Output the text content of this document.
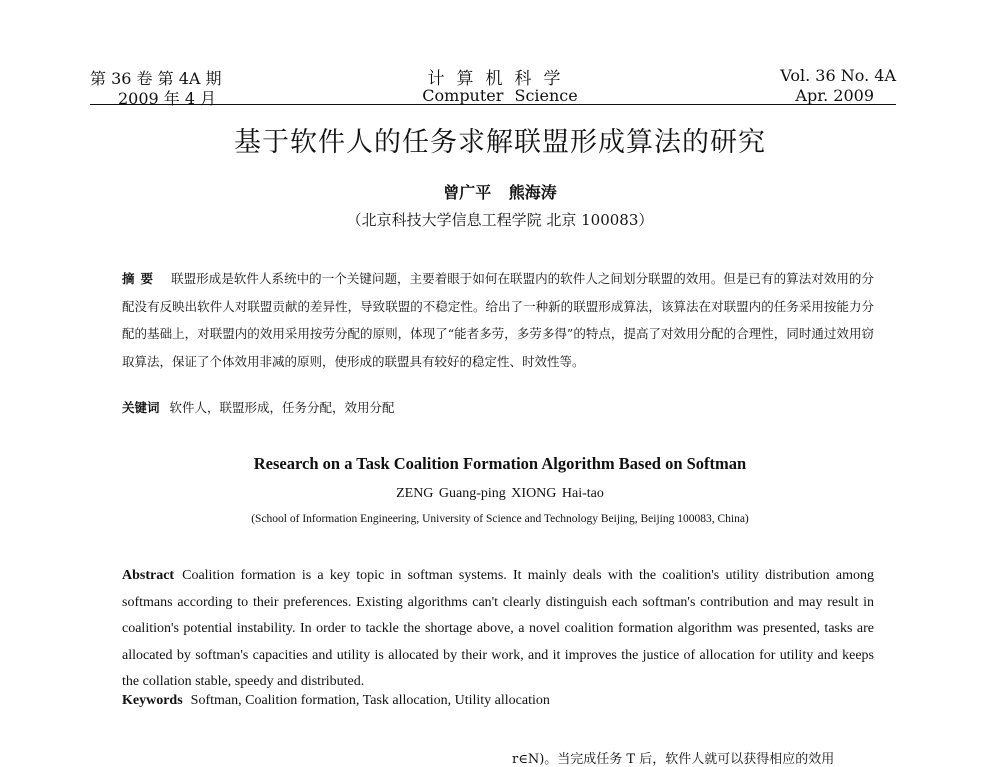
第 36 卷 第 4A 期
2009 年 4 月
计算机科学
Computer Science
Vol. 36 No. 4A
Apr. 2009
基于软件人的任务求解联盟形成算法的研究
曾广平 熊海涛
（北京科技大学信息工程学院 北京 100083）
摘要 联盟形成是软件人系统中的一个关键问题，主要着眼于如何在联盟内的软件人之间划分联盟的效用。但是已有的算法对效用的分配没有反映出软件人对联盟贡献的差异性，导致联盟的不稳定性。给出了一种新的联盟形成算法，该算法在对联盟内的任务采用按能力分配的基础上，对联盟内的效用采用按劳分配的原则，体现了“能者多劳，多劳多得”的特点，提高了对效用分配的合理性，同时通过效用窃取算法，保证了个体效用非减的原则，使形成的联盟具有较好的稳定性、时效性等。
关键词 软件人，联盟形成，任务分配，效用分配
Research on a Task Coalition Formation Algorithm Based on Softman
ZENG Guang-ping XIONG Hai-tao
(School of Information Engineering, University of Science and Technology Beijing, Beijing 100083, China)
Abstract Coalition formation is a key topic in softman systems. It mainly deals with the coalition's utility distribution among softmans according to their preferences. Existing algorithms can't clearly distinguish each softman's contribution and may result in coalition's potential instability. In order to tackle the shortage above, a novel coalition formation algorithm was presented, tasks are allocated by softman's capacities and utility is allocated by their work, and it improves the justice of allocation for utility and keeps the collation stable, speedy and distributed.
Keywords Softman, Coalition formation, Task allocation, Utility allocation
r∈N)。当完成任务 T 后，软件人就可以获得相应的效用
